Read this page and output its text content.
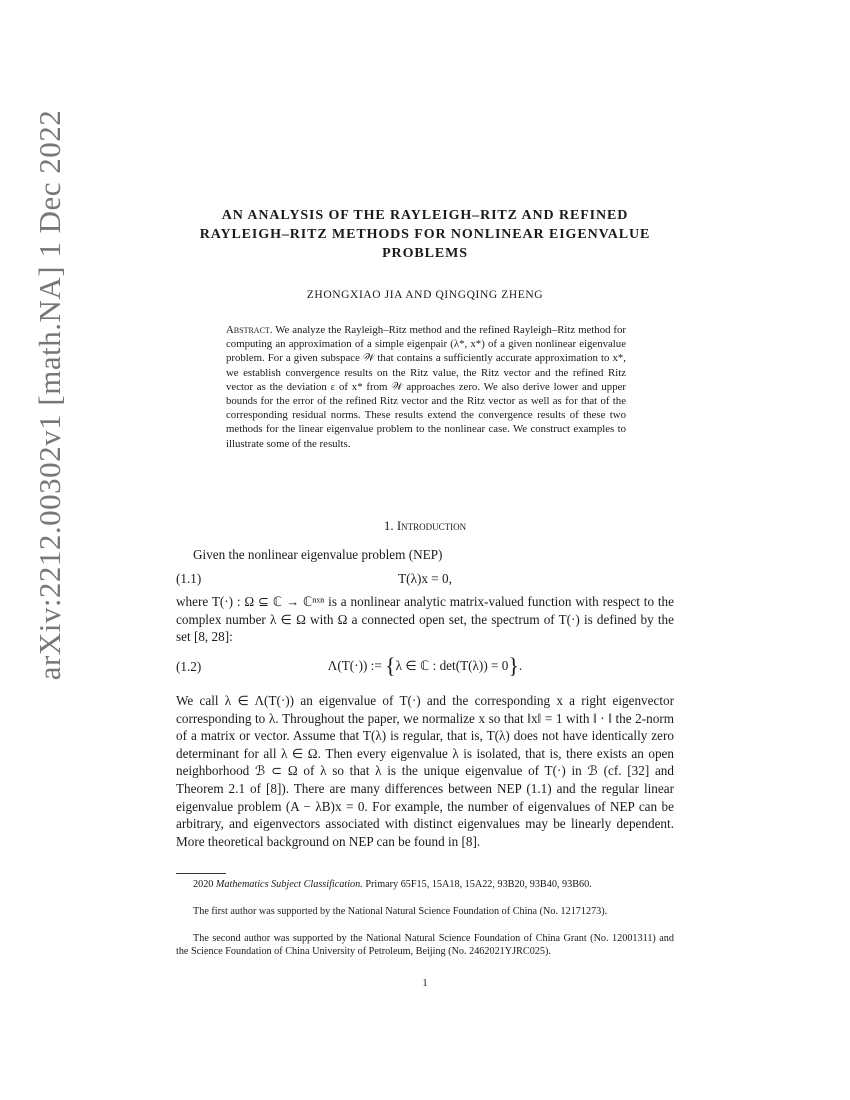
arXiv:2212.00302v1 [math.NA] 1 Dec 2022	AN ANALYSIS OF THE RAYLEIGH–RITZ AND REFINED
RAYLEIGH–RITZ METHODS FOR NONLINEAR EIGENVALUE
PROBLEMS
ZHONGXIAO JIA AND QINGQING ZHENG
Abstract. We analyze the Rayleigh–Ritz method and the refined Rayleigh–Ritz method for computing an approximation of a simple eigenpair (λ*, x*) of a given nonlinear eigenvalue problem. For a given subspace 𝒲 that contains a sufficiently accurate approximation to x*, we establish convergence results on the Ritz value, the Ritz vector and the refined Ritz vector as the deviation ε of x* from 𝒲 approaches zero. We also derive lower and upper bounds for the error of the refined Ritz vector and the Ritz vector as well as for that of the corresponding residual norms. These results extend the convergence results of these two methods for the linear eigenvalue problem to the nonlinear case. We construct examples to illustrate some of the results.
1. Introduction
Given the nonlinear eigenvalue problem (NEP)
(1.1)	T(λ)x = 0,
where T(·) : Ω ⊆ ℂ → ℂⁿˣⁿ is a nonlinear analytic matrix-valued function with respect to the complex number λ ∈ Ω with Ω a connected open set, the spectrum of T(·) is defined by the set [8, 28]:
(1.2)	Λ(T(·)) := {λ ∈ ℂ : det(T(λ)) = 0}.
We call λ ∈ Λ(T(·)) an eigenvalue of T(·) and the corresponding x a right eigenvector corresponding to λ. Throughout the paper, we normalize x so that ‖x‖ = 1 with ‖ · ‖ the 2-norm of a matrix or vector. Assume that T(λ) is regular, that is, T(λ) does not have identically zero determinant for all λ ∈ Ω. Then every eigenvalue λ is isolated, that is, there exists an open neighborhood ℬ ⊂ Ω of λ so that λ is the unique eigenvalue of T(·) in ℬ (cf. [32] and Theorem 2.1 of [8]). There are many differences between NEP (1.1) and the regular linear eigenvalue problem (A − λB)x = 0. For example, the number of eigenvalues of NEP can be arbitrary, and eigenvectors associated with distinct eigenvalues may be linearly dependent. More theoretical background on NEP can be found in [8].
2020 Mathematics Subject Classification. Primary 65F15, 15A18, 15A22, 93B20, 93B40, 93B60.
The first author was supported by the National Natural Science Foundation of China (No. 12171273).
The second author was supported by the National Natural Science Foundation of China Grant (No. 12001311) and the Science Foundation of China University of Petroleum, Beijing (No. 2462021YJRC025).
1
